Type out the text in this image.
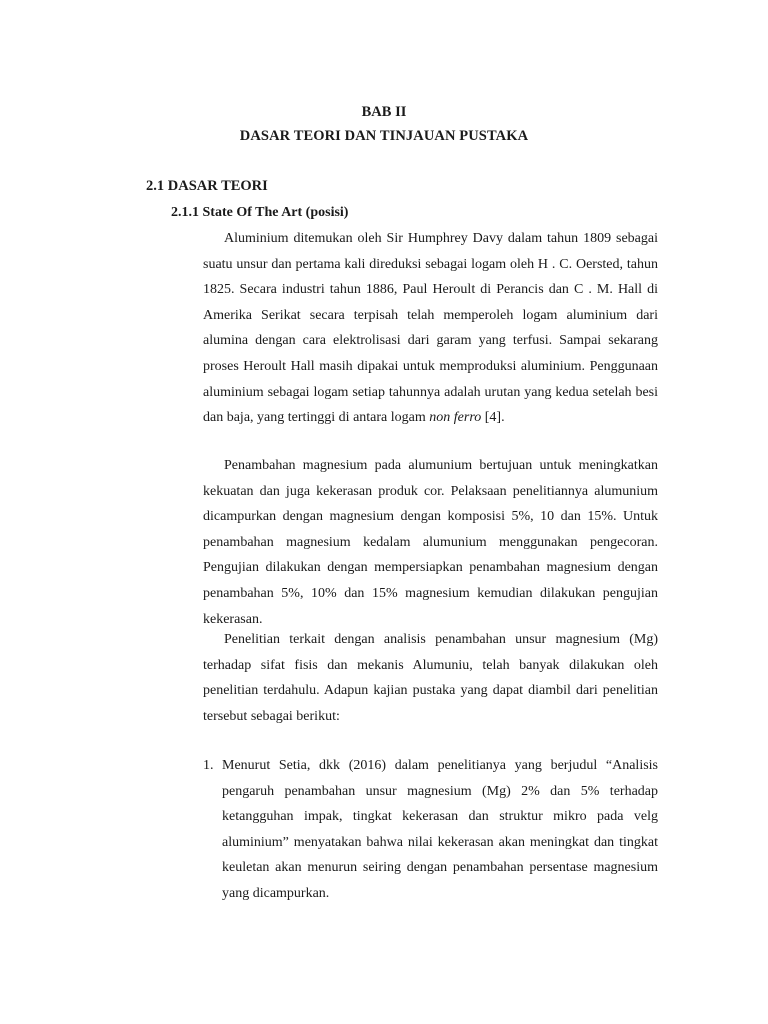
BAB II
DASAR TEORI DAN TINJAUAN PUSTAKA
2.1 DASAR TEORI
2.1.1 State Of The Art (posisi)
Aluminium ditemukan oleh Sir Humphrey Davy dalam tahun 1809 sebagai suatu unsur dan pertama kali direduksi sebagai logam oleh H . C. Oersted, tahun 1825. Secara industri tahun 1886, Paul Heroult di Perancis dan C . M. Hall di Amerika Serikat secara terpisah telah memperoleh logam aluminium dari alumina dengan cara elektrolisasi dari garam yang terfusi. Sampai sekarang proses Heroult Hall masih dipakai untuk memproduksi aluminium. Penggunaan aluminium sebagai logam setiap tahunnya adalah urutan yang kedua setelah besi dan baja, yang tertinggi di antara logam non ferro [4].
Penambahan magnesium pada alumunium bertujuan untuk meningkatkan kekuatan dan juga kekerasan produk cor. Pelaksaan penelitiannya alumunium dicampurkan dengan magnesium dengan komposisi 5%, 10 dan 15%. Untuk penambahan magnesium kedalam alumunium menggunakan pengecoran. Pengujian dilakukan dengan mempersiapkan penambahan magnesium dengan penambahan 5%, 10% dan 15% magnesium kemudian dilakukan pengujian kekerasan.
Penelitian terkait dengan analisis penambahan unsur magnesium (Mg) terhadap sifat fisis dan mekanis Alumuniu, telah banyak dilakukan oleh penelitian terdahulu. Adapun kajian pustaka yang dapat diambil dari penelitian tersebut sebagai berikut:
1. Menurut Setia, dkk (2016) dalam penelitianya yang berjudul “Analisis pengaruh penambahan unsur magnesium (Mg) 2% dan 5% terhadap ketangguhan impak, tingkat kekerasan dan struktur mikro pada velg aluminium” menyatakan bahwa nilai kekerasan akan meningkat dan tingkat keuletan akan menurun seiring dengan penambahan persentase magnesium yang dicampurkan.
